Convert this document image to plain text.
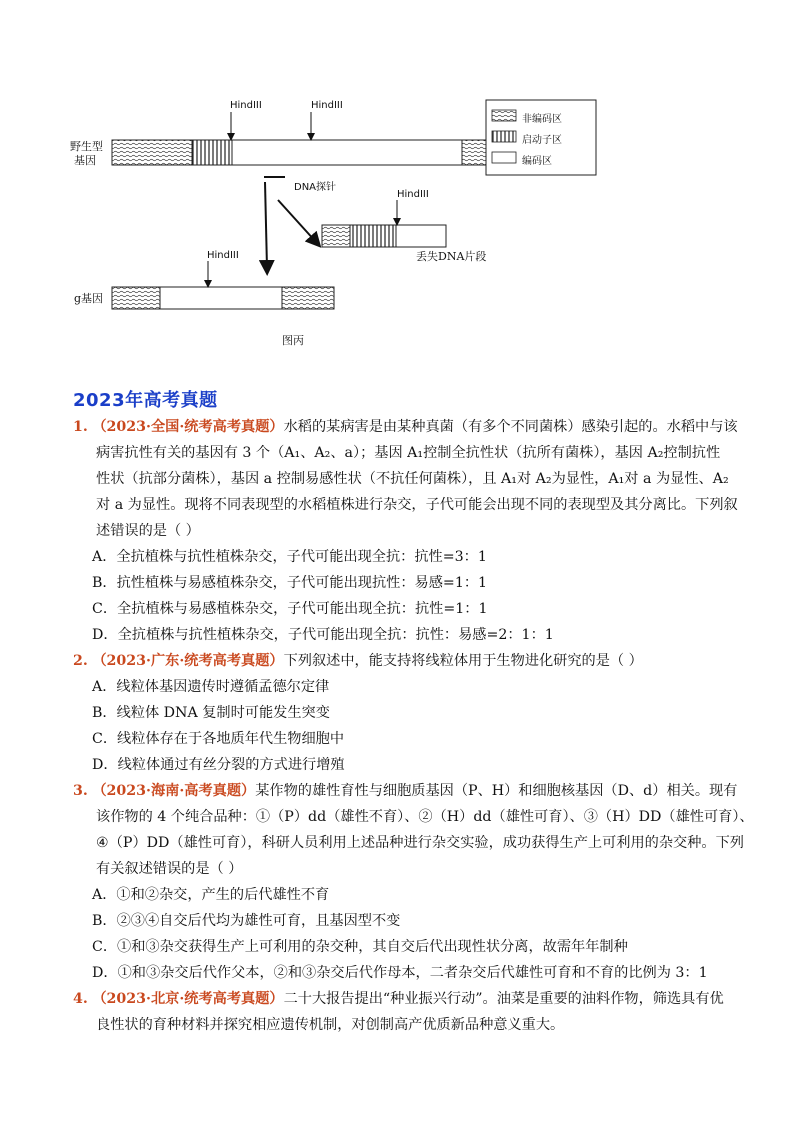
HindIII	HindIII
HindIII
HindIII
野生型
基因
g基因
DNA探针
丢失DNA片段
图丙
非编码区
启动子区
编码区
2023年高考真题
1. （2023·全国·统考高考真题）水稻的某病害是由某种真菌（有多个不同菌株）感染引起的。水稻中与该
病害抗性有关的基因有 3 个（A₁、A₂、a）；基因 A₁控制全抗性状（抗所有菌株），基因 A₂控制抗性
性状（抗部分菌株），基因 a 控制易感性状（不抗任何菌株），且 A₁对 A₂为显性，A₁对 a 为显性、A₂
对 a 为显性。现将不同表现型的水稻植株进行杂交，子代可能会出现不同的表现型及其分离比。下列叙
述错误的是（ ）
A．全抗植株与抗性植株杂交，子代可能出现全抗：抗性=3：1
B．抗性植株与易感植株杂交，子代可能出现抗性：易感=1：1
C．全抗植株与易感植株杂交，子代可能出现全抗：抗性=1：1
D．全抗植株与抗性植株杂交，子代可能出现全抗：抗性：易感=2：1：1
2. （2023·广东·统考高考真题）下列叙述中，能支持将线粒体用于生物进化研究的是（ ）
A．线粒体基因遗传时遵循孟德尔定律
B．线粒体 DNA 复制时可能发生突变
C．线粒体存在于各地质年代生物细胞中
D．线粒体通过有丝分裂的方式进行增殖
3. （2023·海南·高考真题）某作物的雄性育性与细胞质基因（P、H）和细胞核基因（D、d）相关。现有
该作物的 4 个纯合品种：①（P）dd（雄性不育）、②（H）dd（雄性可育）、③（H）DD（雄性可育）、
④（P）DD（雄性可育），科研人员利用上述品种进行杂交实验，成功获得生产上可利用的杂交种。下列
有关叙述错误的是（ ）
A．①和②杂交，产生的后代雄性不育
B．②③④自交后代均为雄性可育，且基因型不变
C．①和③杂交获得生产上可利用的杂交种，其自交后代出现性状分离，故需年年制种
D．①和③杂交后代作父本，②和③杂交后代作母本，二者杂交后代雄性可育和不育的比例为 3：1
4. （2023·北京·统考高考真题）二十大报告提出“种业振兴行动”。油菜是重要的油料作物，筛选具有优
良性状的育种材料并探究相应遗传机制，对创制高产优质新品种意义重大。
